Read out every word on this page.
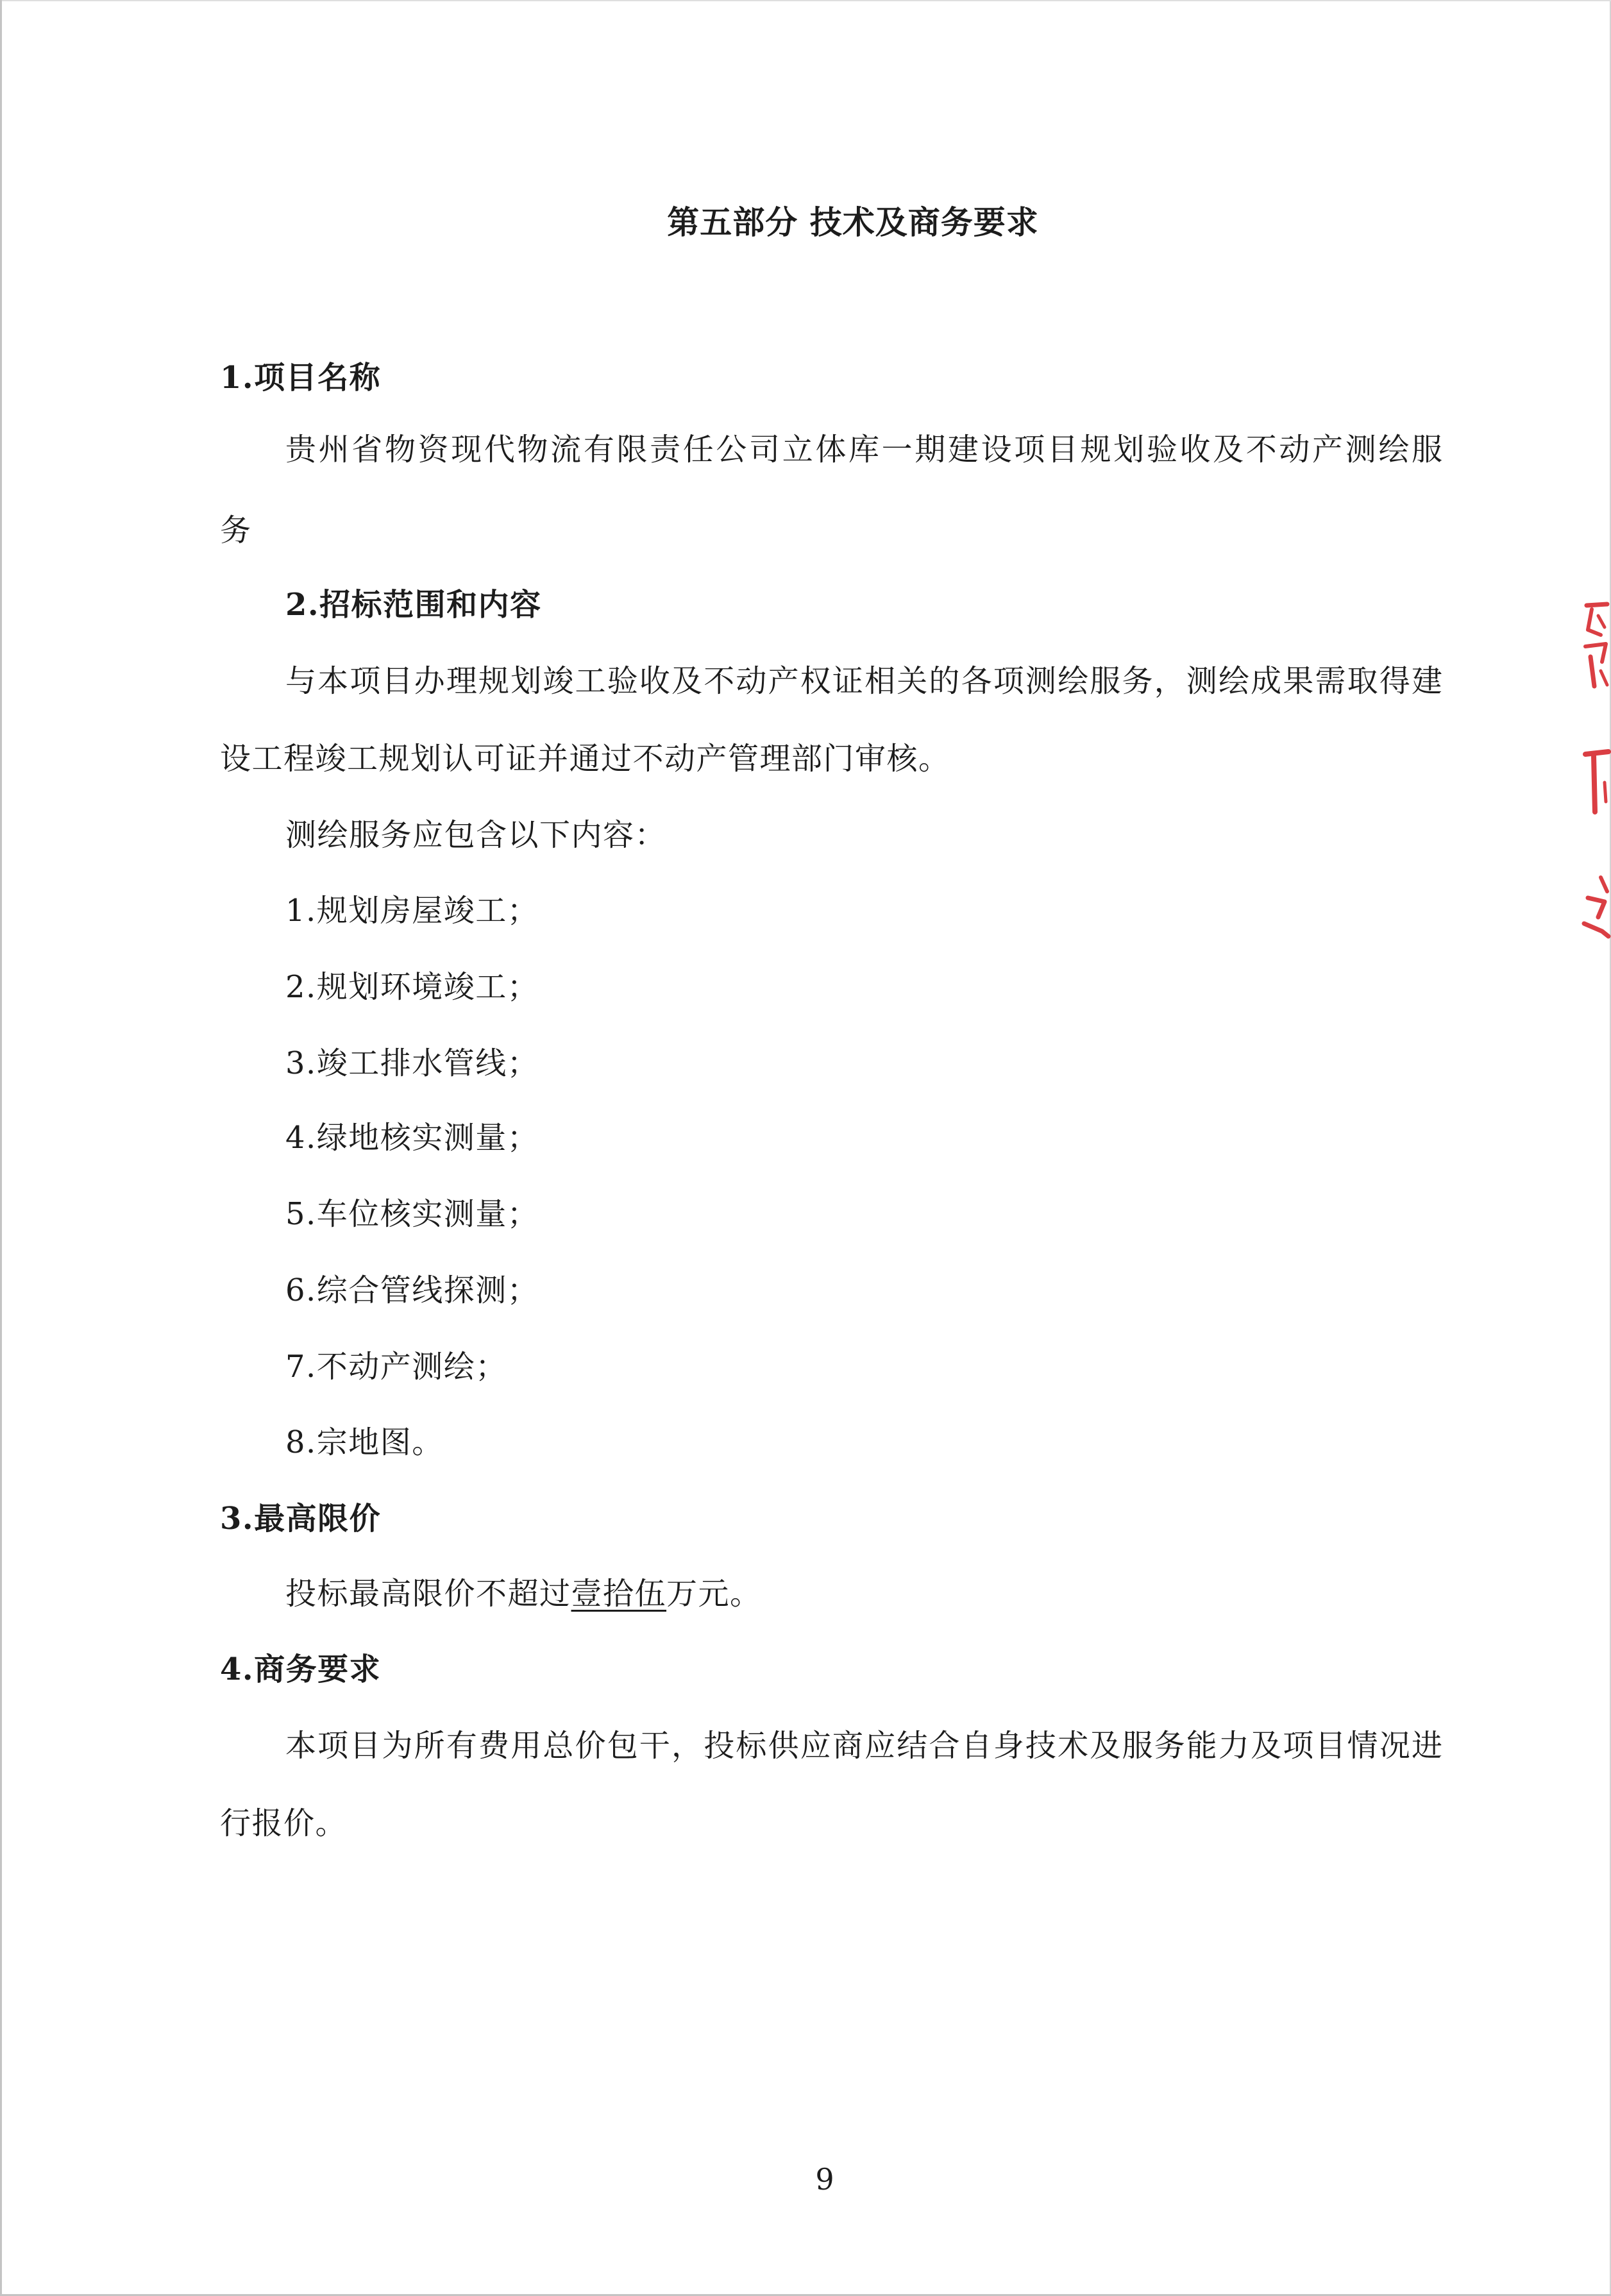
第五部分 技术及商务要求
1.项目名称
贵州省物资现代物流有限责任公司立体库一期建设项目规划验收及不动产测绘服
务
2.招标范围和内容
与本项目办理规划竣工验收及不动产权证相关的各项测绘服务，测绘成果需取得建
设工程竣工规划认可证并通过不动产管理部门审核。
测绘服务应包含以下内容：
1.规划房屋竣工；
2.规划环境竣工；
3.竣工排水管线；
4.绿地核实测量；
5.车位核实测量；
6.综合管线探测；
7.不动产测绘；
8.宗地图。
3.最高限价
投标最高限价不超过壹拾伍万元。
4.商务要求
本项目为所有费用总价包干，投标供应商应结合自身技术及服务能力及项目情况进
行报价。
9
